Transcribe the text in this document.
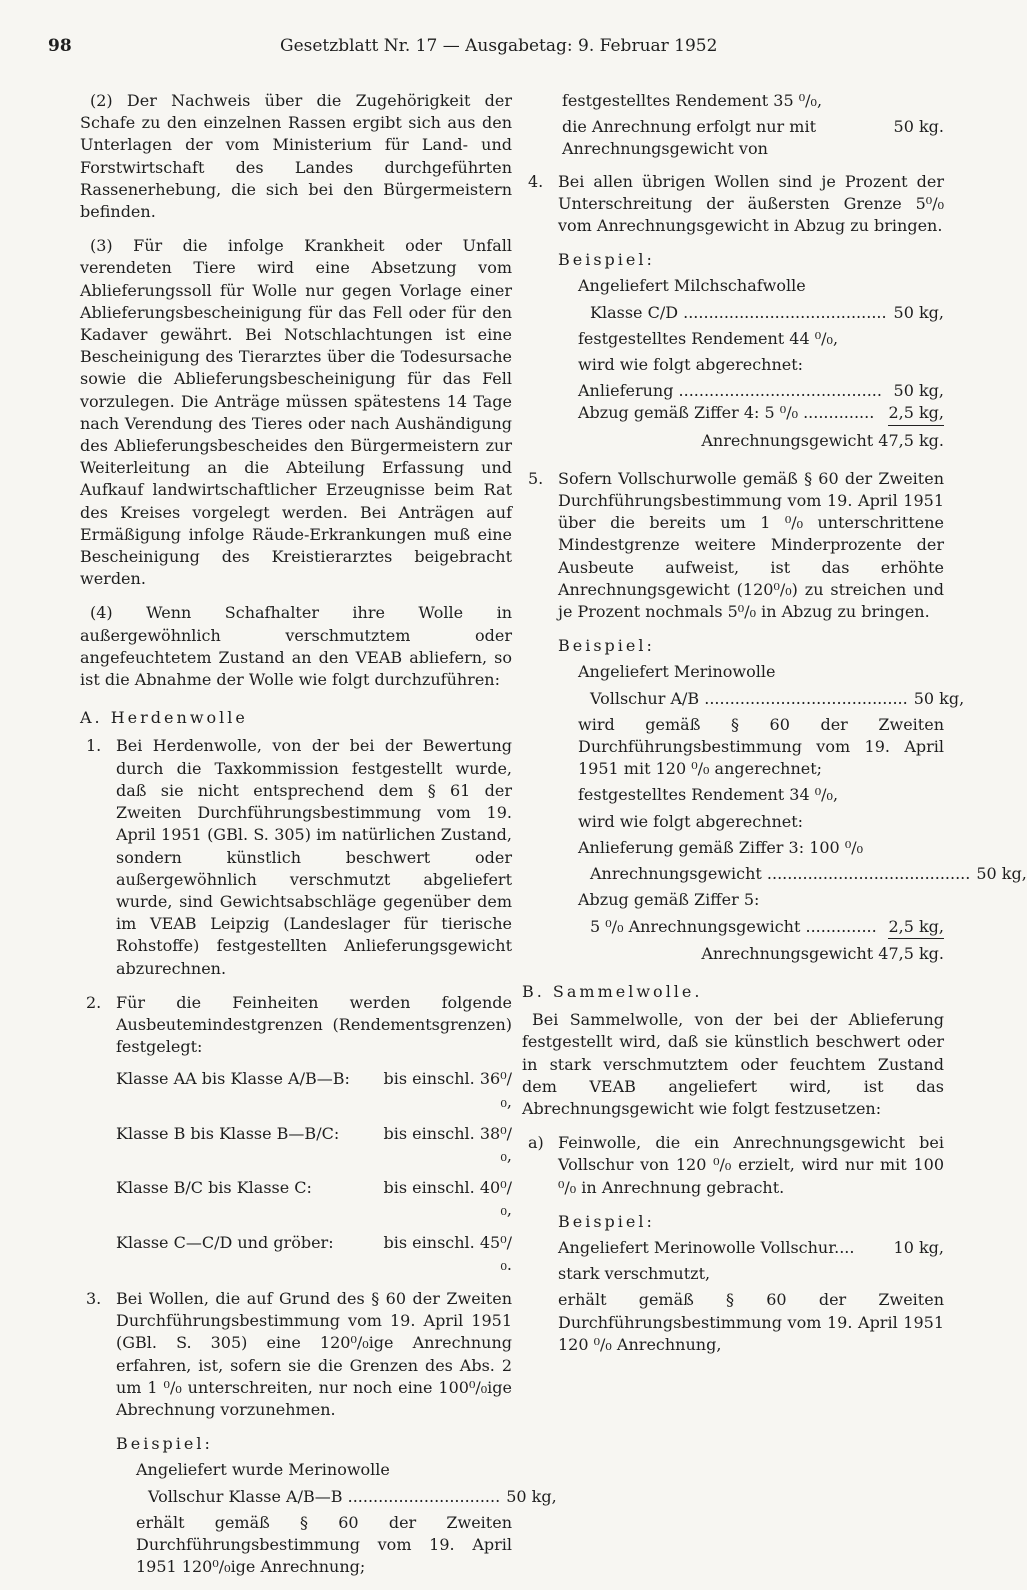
98	Gesetzblatt Nr. 17 — Ausgabetag: 9. Februar 1952

(2) Der Nachweis über die Zugehörigkeit der Schafe zu den einzelnen Rassen ergibt sich aus den Unterlagen der vom Ministerium für Land- und Forstwirtschaft des Landes durchgeführten Rassenerhebung, die sich bei den Bürgermeistern befinden.

(3) Für die infolge Krankheit oder Unfall verendeten Tiere wird eine Absetzung vom Ablieferungssoll für Wolle nur gegen Vorlage einer Ablieferungsbescheinigung für das Fell oder für den Kadaver gewährt. Bei Notschlachtungen ist eine Bescheinigung des Tierarztes über die Todesursache sowie die Ablieferungsbescheinigung für das Fell vorzulegen. Die Anträge müssen spätestens 14 Tage nach Verendung des Tieres oder nach Aushändigung des Ablieferungsbescheides den Bürgermeistern zur Weiterleitung an die Abteilung Erfassung und Aufkauf landwirtschaftlicher Erzeugnisse beim Rat des Kreises vorgelegt werden. Bei Anträgen auf Ermäßigung infolge Räude-Erkrankungen muß eine Bescheinigung des Kreistierarztes beigebracht werden.

(4) Wenn Schafhalter ihre Wolle in außergewöhnlich verschmutztem oder angefeuchtetem Zustand an den VEAB abliefern, so ist die Abnahme der Wolle wie folgt durchzuführen:

A. Herdenwolle
1. Bei Herdenwolle, von der bei der Bewertung durch die Taxkommission festgestellt wurde, daß sie nicht entsprechend dem § 61 der Zweiten Durchführungsbestimmung vom 19. April 1951 (GBl. S. 305) im natürlichen Zustand, sondern künstlich beschwert oder außergewöhnlich verschmutzt abgeliefert wurde, sind Gewichtsabschläge gegenüber dem im VEAB Leipzig (Landeslager für tierische Rohstoffe) festgestellten Anlieferungsgewicht abzurechnen.

2. Für die Feinheiten werden folgende Ausbeutemindestgrenzen (Rendementsgrenzen) festgelegt:

Klasse AA bis Klasse A/B—B:	bis einschl. 36⁰/₀,
Klasse B bis Klasse B—B/C:	bis einschl. 38⁰/₀,
Klasse B/C bis Klasse C:	bis einschl. 40⁰/₀,
Klasse C—C/D und gröber:	bis einschl. 45⁰/₀.
3. Bei Wollen, die auf Grund des § 60 der Zweiten Durchführungsbestimmung vom 19. April 1951 (GBl. S. 305) eine 120⁰/₀ige Anrechnung erfahren, ist, sofern sie die Grenzen des Abs. 2 um 1 ⁰/₀ unterschreiten, nur noch eine 100⁰/₀ige Abrechnung vorzunehmen.

Beispiel:
Angeliefert wurde Merinowolle
Vollschur Klasse A/B—B .............................. 50 kg,

erhält gemäß § 60 der Zweiten Durchführungsbestimmung vom 19. April 1951 120⁰/₀ige Anrechnung;

festgestelltes Rendement 35 ⁰/₀,
die Anrechnung erfolgt nur mit Anrechnungsgewicht von
50 kg.
4. Bei allen übrigen Wollen sind je Prozent der Unterschreitung der äußersten Grenze 5⁰/₀ vom Anrechnungsgewicht in Abzug zu bringen.

Beispiel:
Angeliefert Milchschafwolle
Klasse C/D ........................................ 50 kg,
festgestelltes Rendement 44 ⁰/₀,
wird wie folgt abgerechnet:
Anlieferung ........................................ 50 kg,
Abzug gemäß Ziffer 4: 5 ⁰/₀ .............. 2,5 kg,
Anrechnungsgewicht 47,5 kg.
5. Sofern Vollschurwolle gemäß § 60 der Zweiten Durchführungsbestimmung vom 19. April 1951 über die bereits um 1 ⁰/₀ unterschrittene Mindestgrenze weitere Minderprozente der Ausbeute aufweist, ist das erhöhte Anrechnungsgewicht (120⁰/₀) zu streichen und je Prozent nochmals 5⁰/₀ in Abzug zu bringen.

Beispiel:
Angeliefert Merinowolle
Vollschur A/B ........................................ 50 kg,

wird gemäß § 60 der Zweiten Durchführungsbestimmung vom 19. April 1951 mit 120 ⁰/₀ angerechnet;

festgestelltes Rendement 34 ⁰/₀,
wird wie folgt abgerechnet:
Anlieferung gemäß Ziffer 3: 100 ⁰/₀
Anrechnungsgewicht ........................................ 50 kg,
Abzug gemäß Ziffer 5:
5 ⁰/₀ Anrechnungsgewicht .............. 2,5 kg,
Anrechnungsgewicht 47,5 kg.
B. Sammelwolle.

Bei Sammelwolle, von der bei der Ablieferung festgestellt wird, daß sie künstlich beschwert oder in stark verschmutztem oder feuchtem Zustand dem VEAB angeliefert wird, ist das Abrechnungsgewicht wie folgt festzusetzen:

a) Feinwolle, die ein Anrechnungsgewicht bei Vollschur von 120 ⁰/₀ erzielt, wird nur mit 100 ⁰/₀ in Anrechnung gebracht.

Beispiel:
Angeliefert Merinowolle Vollschur....	10 kg,
stark verschmutzt,

erhält gemäß § 60 der Zweiten Durchführungsbestimmung vom 19. April 1951 120 ⁰/₀ Anrechnung,
